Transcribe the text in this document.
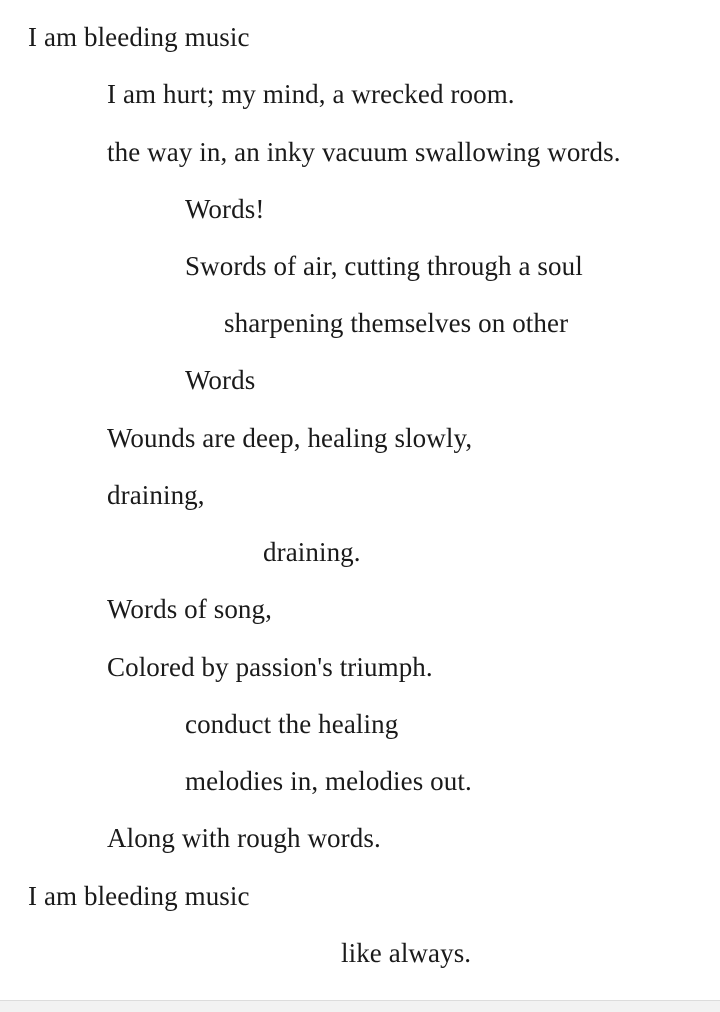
I am bleeding music
I am hurt; my mind, a wrecked room.
the way in, an inky vacuum swallowing words.
Words!
Swords of air, cutting through a soul
sharpening themselves on other
Words
Wounds are deep, healing slowly,
draining,
draining.
Words of song,
Colored by passion's triumph.
conduct the healing
melodies in, melodies out.
Along with rough words.
I am bleeding music
like always.
